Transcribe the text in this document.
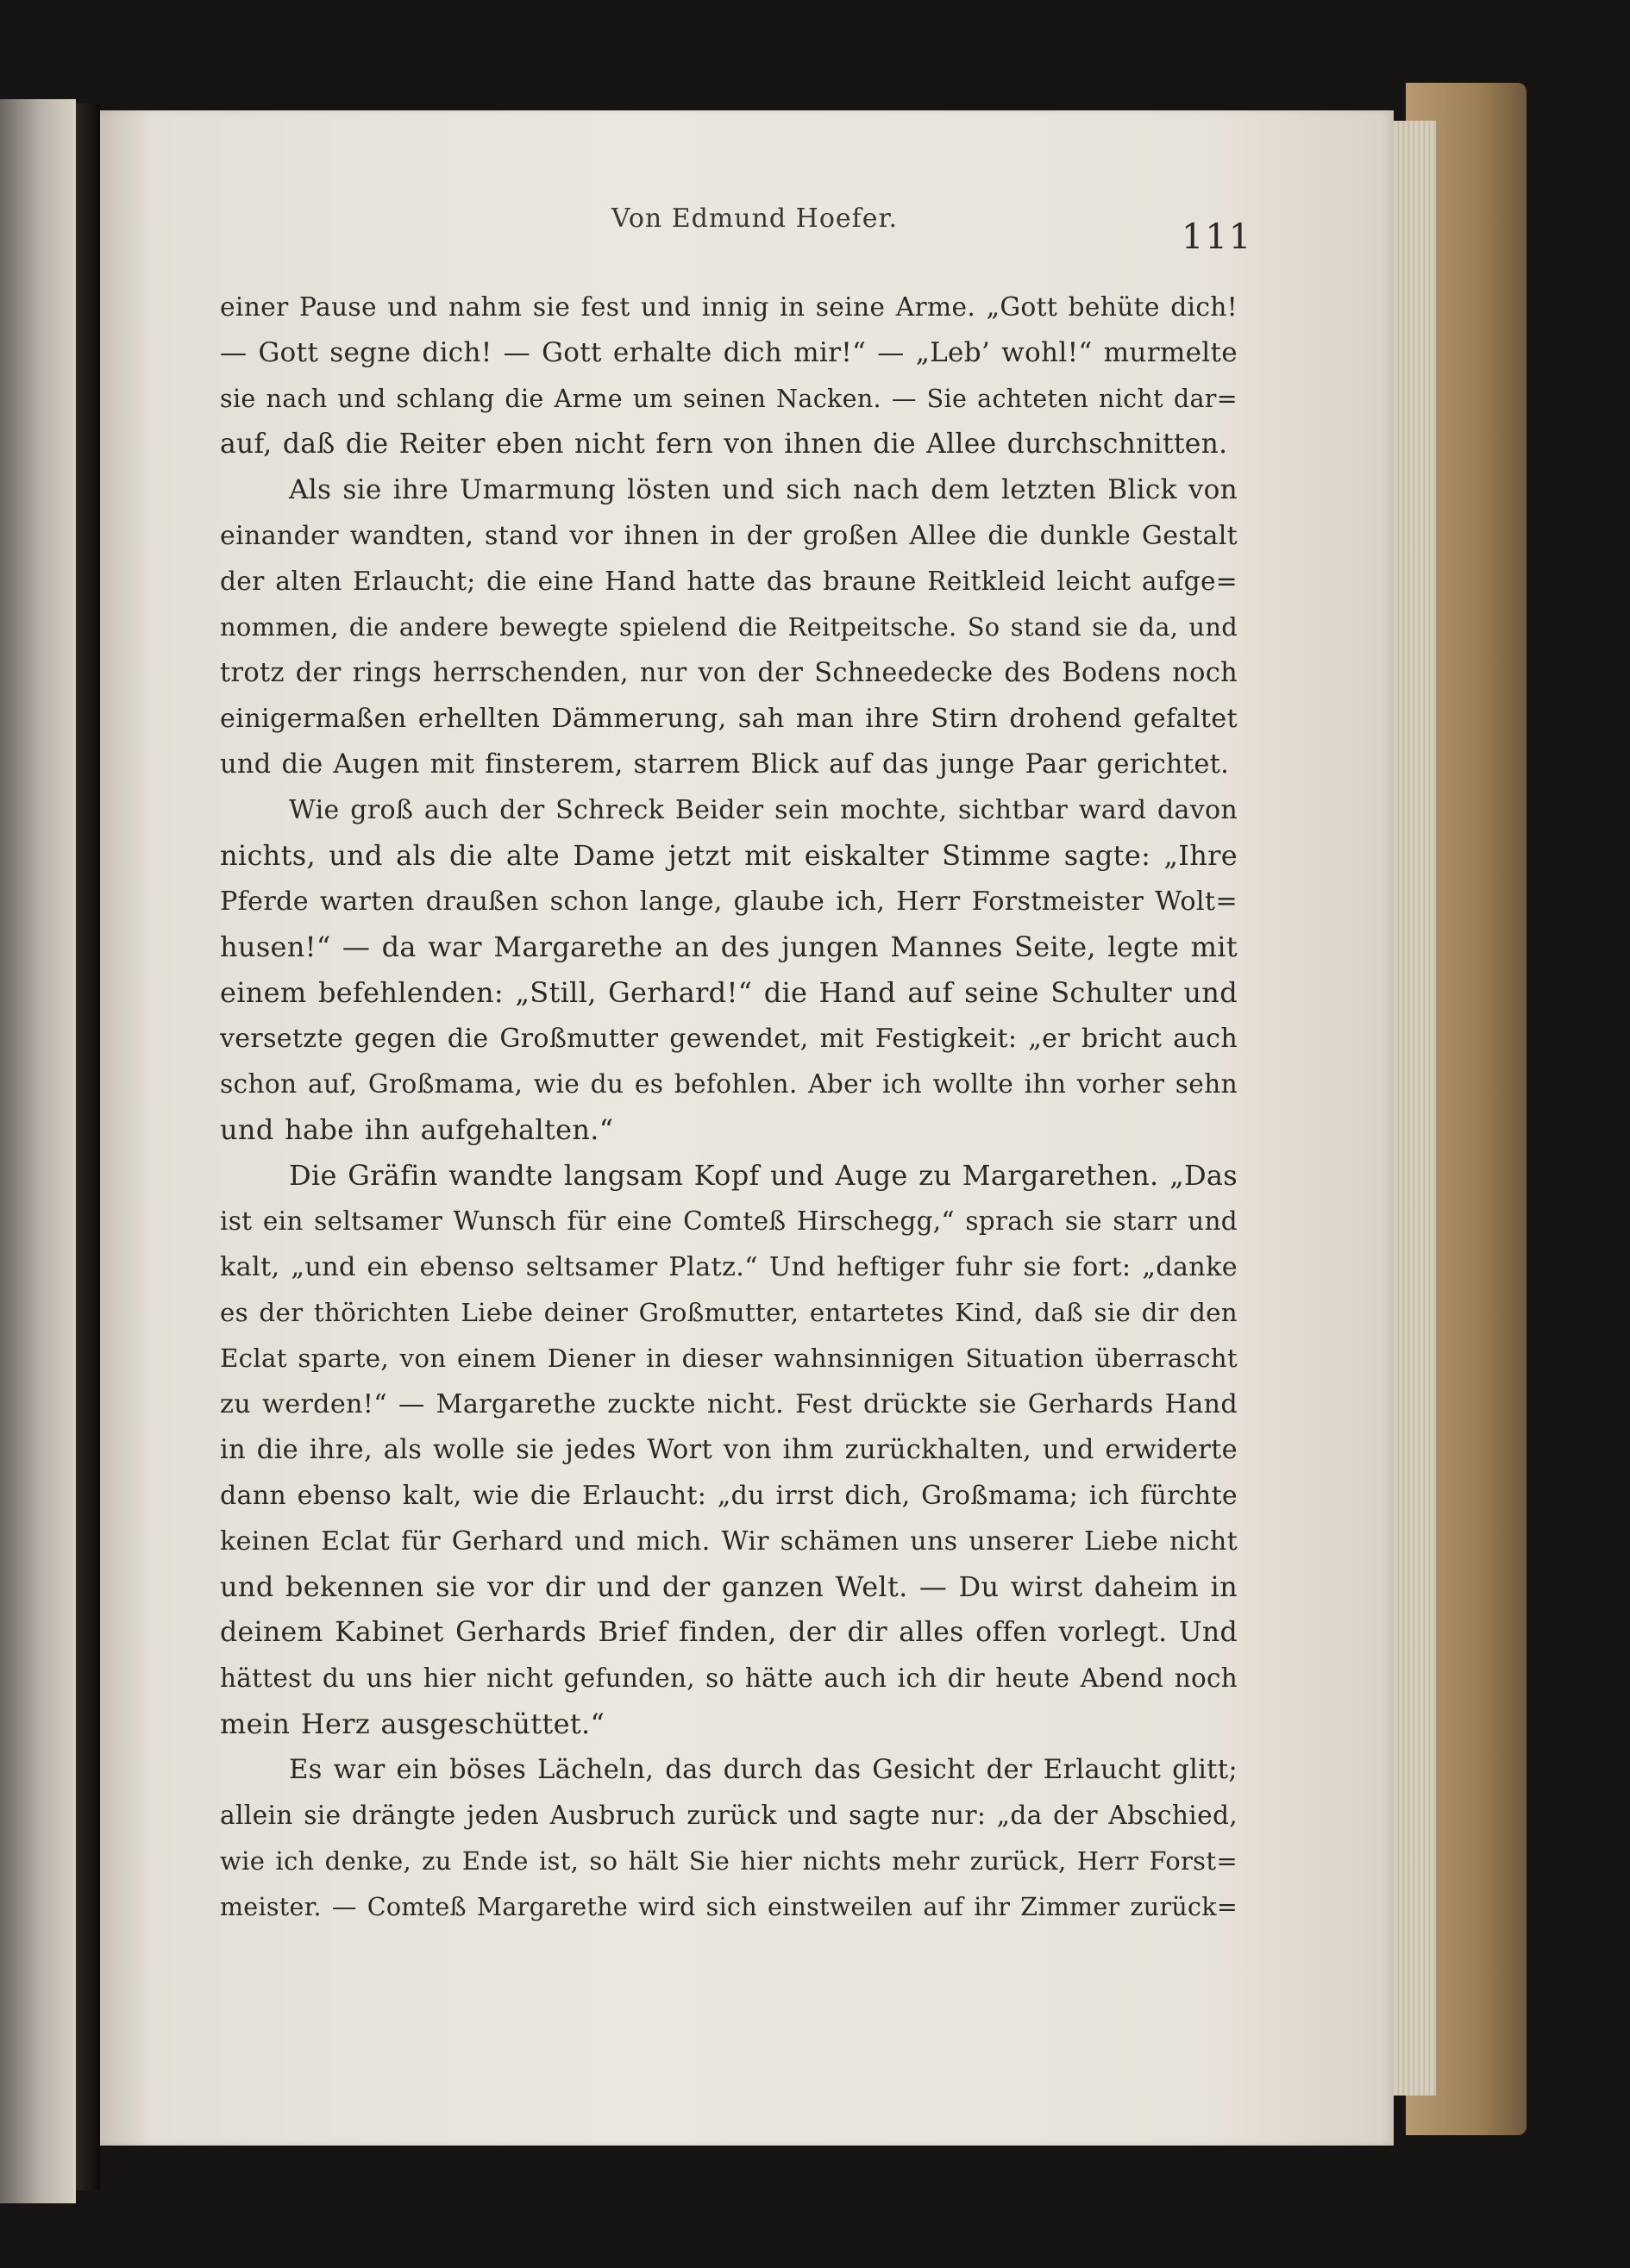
Von Edmund Hoefer.	111
einer Pause und nahm sie fest und innig in seine Arme. „Gott behüte dich!
— Gott segne dich! — Gott erhalte dich mir!“ — „Leb’ wohl!“ murmelte
sie nach und schlang die Arme um seinen Nacken. — Sie achteten nicht dar=
auf, daß die Reiter eben nicht fern von ihnen die Allee durchschnitten.
Als sie ihre Umarmung lösten und sich nach dem letzten Blick von
einander wandten, stand vor ihnen in der großen Allee die dunkle Gestalt
der alten Erlaucht; die eine Hand hatte das braune Reitkleid leicht aufge=
nommen, die andere bewegte spielend die Reitpeitsche. So stand sie da, und
trotz der rings herrschenden, nur von der Schneedecke des Bodens noch
einigermaßen erhellten Dämmerung, sah man ihre Stirn drohend gefaltet
und die Augen mit finsterem, starrem Blick auf das junge Paar gerichtet.
Wie groß auch der Schreck Beider sein mochte, sichtbar ward davon
nichts, und als die alte Dame jetzt mit eiskalter Stimme sagte: „Ihre
Pferde warten draußen schon lange, glaube ich, Herr Forstmeister Wolt=
husen!“ — da war Margarethe an des jungen Mannes Seite, legte mit
einem befehlenden: „Still, Gerhard!“ die Hand auf seine Schulter und
versetzte gegen die Großmutter gewendet, mit Festigkeit: „er bricht auch
schon auf, Großmama, wie du es befohlen. Aber ich wollte ihn vorher sehn
und habe ihn aufgehalten.“
Die Gräfin wandte langsam Kopf und Auge zu Margarethen. „Das
ist ein seltsamer Wunsch für eine Comteß Hirschegg,“ sprach sie starr und
kalt, „und ein ebenso seltsamer Platz.“ Und heftiger fuhr sie fort: „danke
es der thörichten Liebe deiner Großmutter, entartetes Kind, daß sie dir den
Eclat sparte, von einem Diener in dieser wahnsinnigen Situation überrascht
zu werden!“ — Margarethe zuckte nicht. Fest drückte sie Gerhards Hand
in die ihre, als wolle sie jedes Wort von ihm zurückhalten, und erwiderte
dann ebenso kalt, wie die Erlaucht: „du irrst dich, Großmama; ich fürchte
keinen Eclat für Gerhard und mich. Wir schämen uns unserer Liebe nicht
und bekennen sie vor dir und der ganzen Welt. — Du wirst daheim in
deinem Kabinet Gerhards Brief finden, der dir alles offen vorlegt. Und
hättest du uns hier nicht gefunden, so hätte auch ich dir heute Abend noch
mein Herz ausgeschüttet.“
Es war ein böses Lächeln, das durch das Gesicht der Erlaucht glitt;
allein sie drängte jeden Ausbruch zurück und sagte nur: „da der Abschied,
wie ich denke, zu Ende ist, so hält Sie hier nichts mehr zurück, Herr Forst=
meister. — Comteß Margarethe wird sich einstweilen auf ihr Zimmer zurück=
